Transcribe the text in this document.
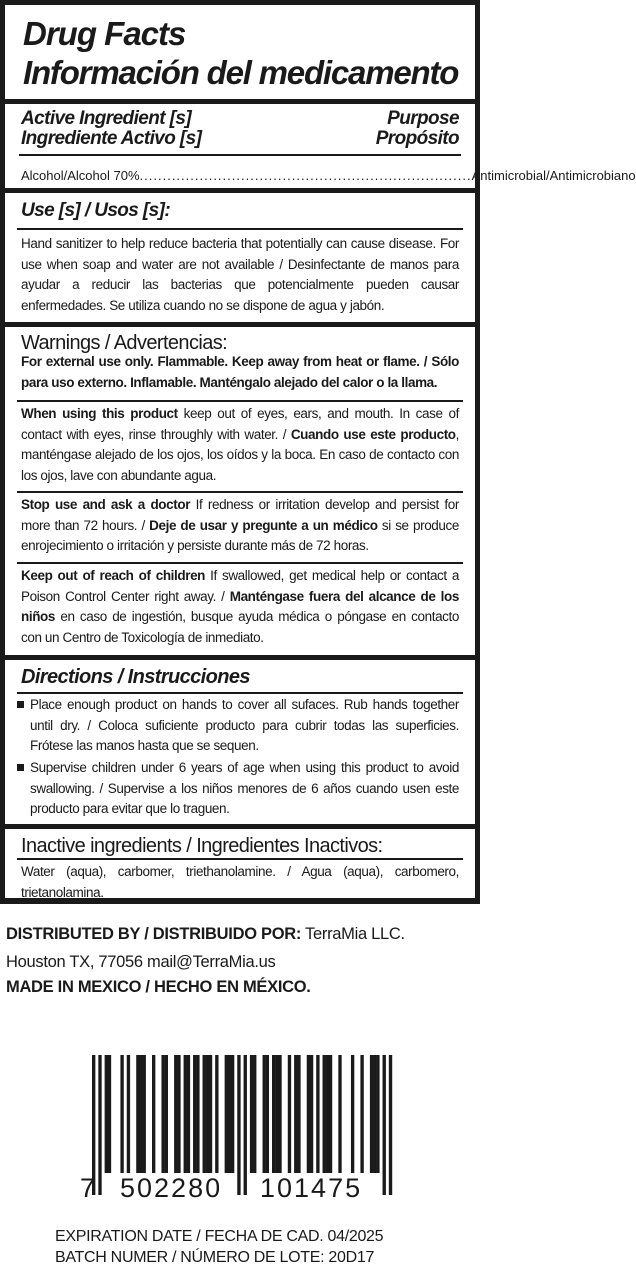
Drug Facts
Información del medicamento
Active Ingredient [s]	Purpose
Ingrediente Activo [s]	Propósito
Alcohol/Alcohol 70% ........................................................................ Antimicrobial/Antimicrobiano
Use [s] / Usos [s]:
Hand sanitizer to help reduce bacteria that potentially can cause disease. For use when soap and water are not available / Desinfectante de manos para ayudar a reducir las bacterias que potencialmente pueden causar enfermedades. Se utiliza cuando no se dispone de agua y jabón.
Warnings / Advertencias:
For external use only. Flammable. Keep away from heat or flame. / Sólo para uso externo. Inflamable. Manténgalo alejado del calor o la llama.
When using this product keep out of eyes, ears, and mouth. In case of contact with eyes, rinse throughly with water. / Cuando use este producto, manténgase alejado de los ojos, los oídos y la boca. En caso de contacto con los ojos, lave con abundante agua.
Stop use and ask a doctor If redness or irritation develop and persist for more than 72 hours. / Deje de usar y pregunte a un médico si se produce enrojecimiento o irritación y persiste durante más de 72 horas.
Keep out of reach of children If swallowed, get medical help or contact a Poison Control Center right away. / Manténgase fuera del alcance de los niños en caso de ingestión, busque ayuda médica o póngase en contacto con un Centro de Toxicología de inmediato.
Directions / Instrucciones
Place enough product on hands to cover all sufaces. Rub hands together until dry. / Coloca suficiente producto para cubrir todas las superficies. Frótese las manos hasta que se sequen.
Supervise children under 6 years of age when using this product to avoid swallowing. / Supervise a los niños menores de 6 años cuando usen este producto para evitar que lo traguen.
Inactive ingredients / Ingredientes Inactivos:
Water (aqua), carbomer, triethanolamine. / Agua (aqua), carbomero, trietanolamina.
DISTRIBUTED BY / DISTRIBUIDO POR: TerraMia LLC.
Houston TX, 77056 mail@TerraMia.us
MADE IN MEXICO / HECHO EN MÉXICO.
7 502280 101475
EXPIRATION DATE / FECHA DE CAD. 04/2025
BATCH NUMER / NÚMERO DE LOTE: 20D17
